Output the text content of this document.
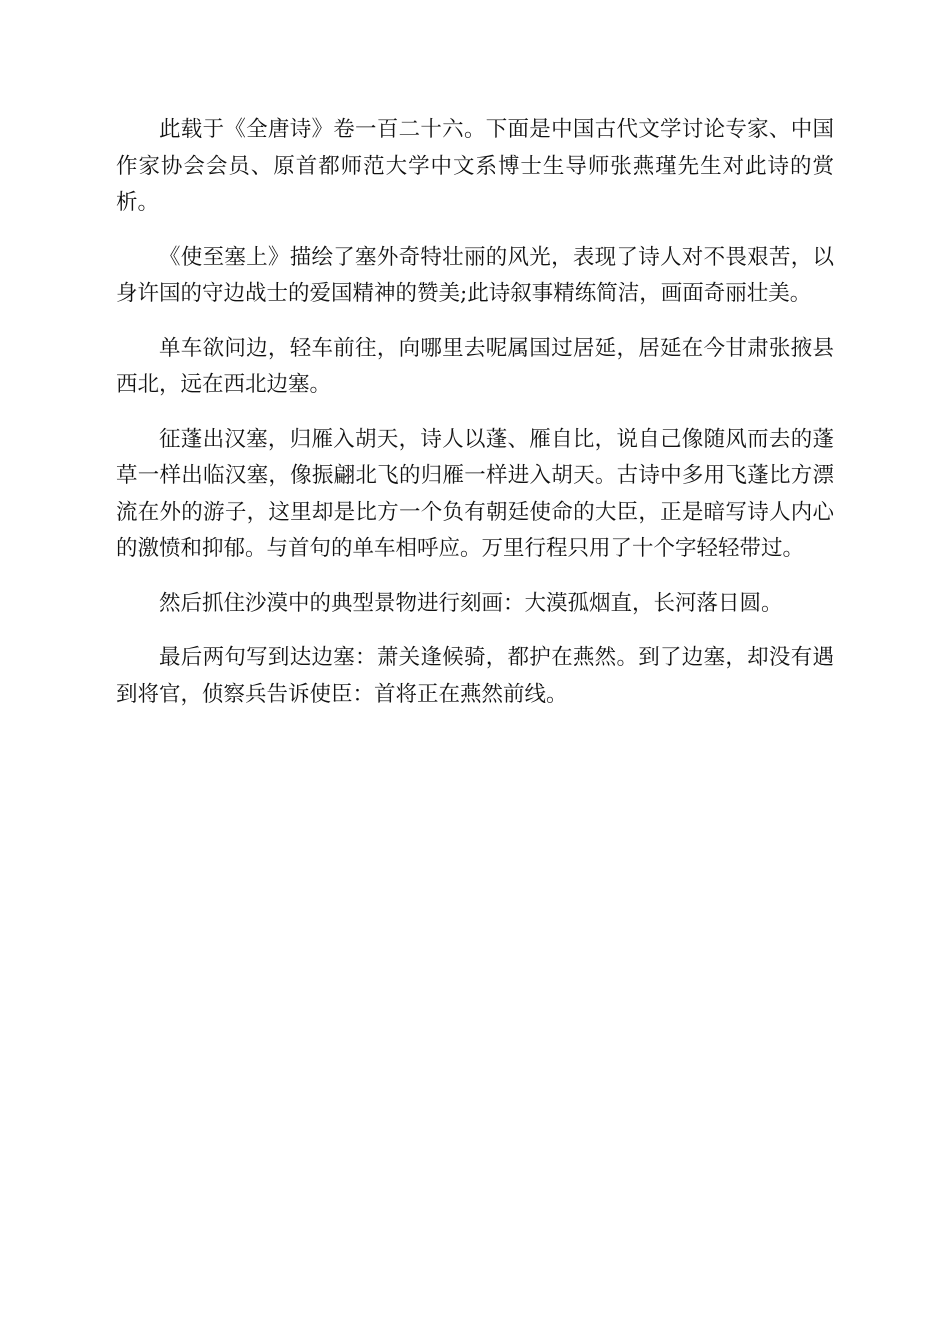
此载于《全唐诗》卷一百二十六。下面是中国古代文学讨论专家、中国作家协会会员、原首都师范大学中文系博士生导师张燕瑾先生对此诗的赏析。

《使至塞上》描绘了塞外奇特壮丽的风光，表现了诗人对不畏艰苦，以身许国的守边战士的爱国精神的赞美;此诗叙事精练简洁，画面奇丽壮美。

单车欲问边，轻车前往，向哪里去呢属国过居延，居延在今甘肃张掖县西北，远在西北边塞。

征蓬出汉塞，归雁入胡天，诗人以蓬、雁自比，说自己像随风而去的蓬草一样出临汉塞，像振翩北飞的归雁一样进入胡天。古诗中多用飞蓬比方漂流在外的游子，这里却是比方一个负有朝廷使命的大臣，正是暗写诗人内心的激愤和抑郁。与首句的单车相呼应。万里行程只用了十个字轻轻带过。

然后抓住沙漠中的典型景物进行刻画：大漠孤烟直，长河落日圆。

最后两句写到达边塞：萧关逢候骑，都护在燕然。到了边塞，却没有遇到将官，侦察兵告诉使臣：首将正在燕然前线。
